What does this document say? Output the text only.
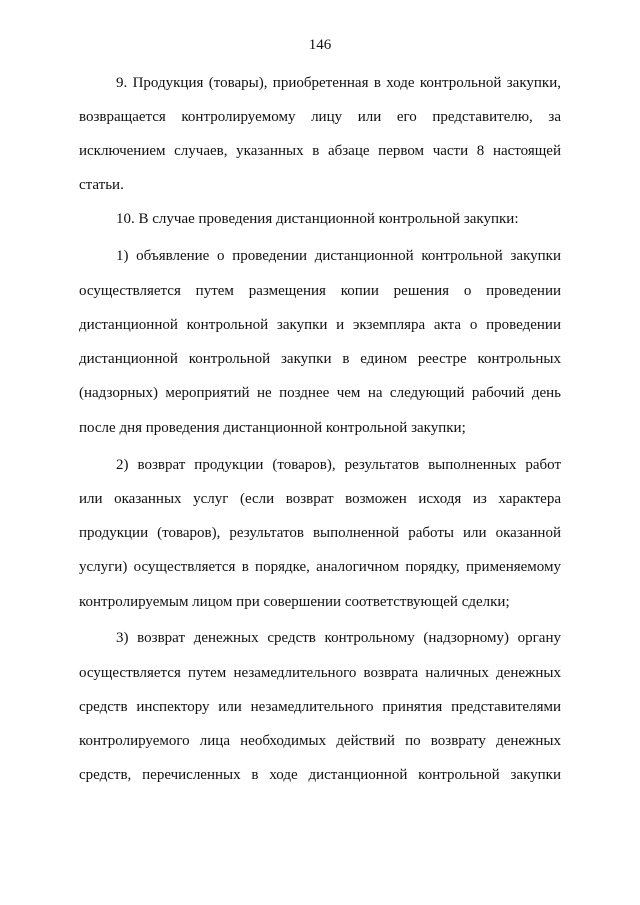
146
9. Продукция (товары), приобретенная в ходе контрольной закупки,
возвращается контролируемому лицу или его представителю, за
исключением случаев, указанных в абзаце первом части 8 настоящей
статьи.
10. В случае проведения дистанционной контрольной закупки:
1) объявление о проведении дистанционной контрольной закупки
осуществляется путем размещения копии решения о проведении
дистанционной контрольной закупки и экземпляра акта о проведении
дистанционной контрольной закупки в едином реестре контрольных
(надзорных) мероприятий не позднее чем на следующий рабочий день
после дня проведения дистанционной контрольной закупки;
2) возврат продукции (товаров), результатов выполненных работ
или оказанных услуг (если возврат возможен исходя из характера
продукции (товаров), результатов выполненной работы или оказанной
услуги) осуществляется в порядке, аналогичном порядку, применяемому
контролируемым лицом при совершении соответствующей сделки;
3) возврат денежных средств контрольному (надзорному) органу
осуществляется путем незамедлительного возврата наличных денежных
средств инспектору или незамедлительного принятия представителями
контролируемого лица необходимых действий по возврату денежных
средств, перечисленных в ходе дистанционной контрольной закупки
